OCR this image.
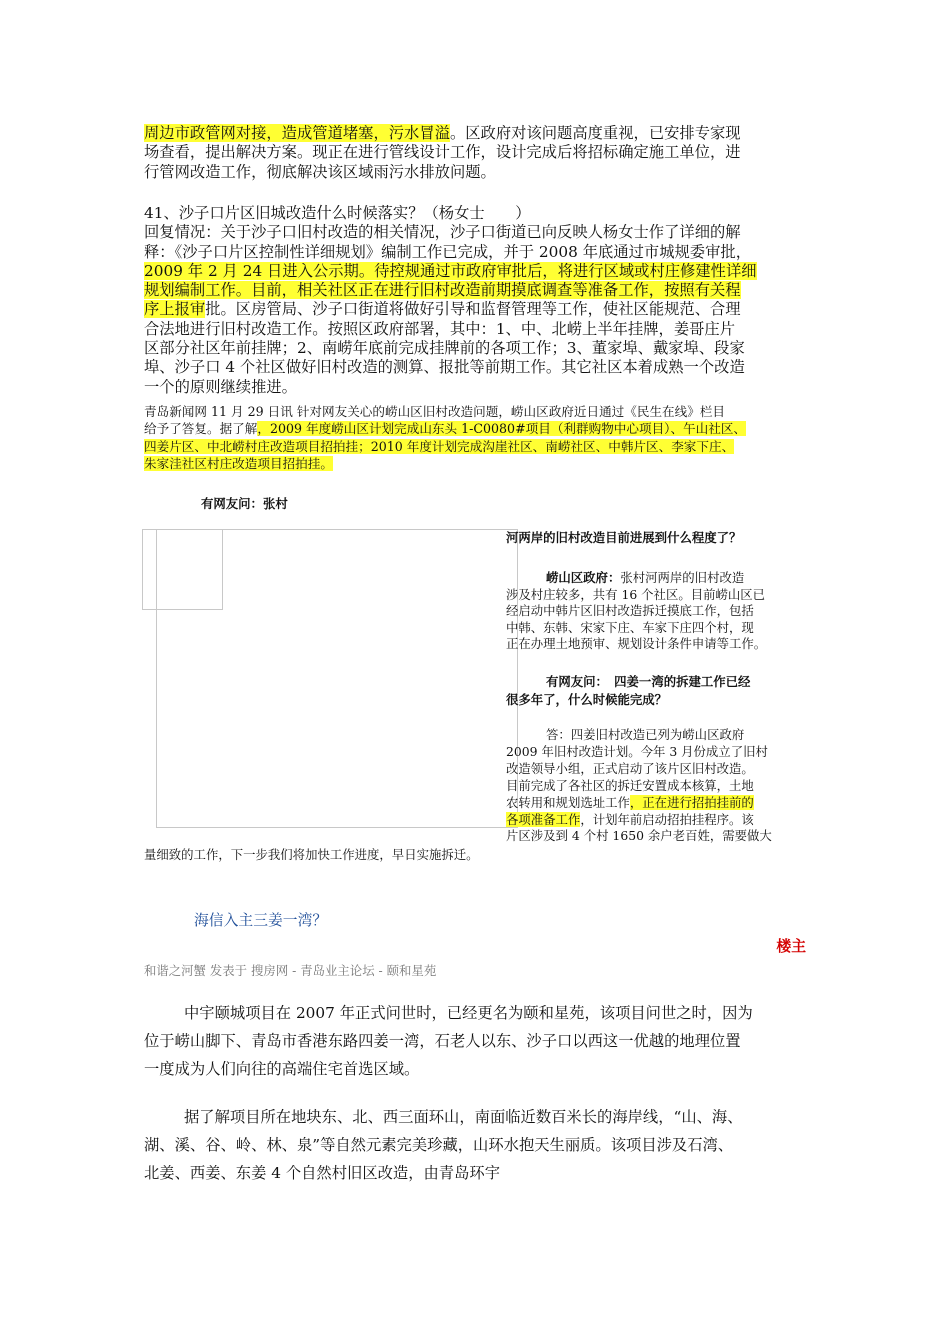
周边市政管网对接，造成管道堵塞，污水冒溢。区政府对该问题高度重视，已安排专家现
场查看，提出解决方案。现正在进行管线设计工作，设计完成后将招标确定施工单位，进
行管网改造工作，彻底解决该区域雨污水排放问题。
41、沙子口片区旧城改造什么时候落实？（杨女士　　）
回复情况：关于沙子口旧村改造的相关情况，沙子口街道已向反映人杨女士作了详细的解
释：《沙子口片区控制性详细规划》编制工作已完成，并于 2008 年底通过市城规委审批，
2009 年 2 月 24 日进入公示期。待控规通过市政府审批后，将进行区域或村庄修建性详细
规划编制工作。目前，相关社区正在进行旧村改造前期摸底调查等准备工作，按照有关程
序上报审批。区房管局、沙子口街道将做好引导和监督管理等工作，使社区能规范、合理
合法地进行旧村改造工作。按照区政府部署，其中：1、中、北崂上半年挂牌，姜哥庄片
区部分社区年前挂牌；2、南崂年底前完成挂牌前的各项工作；3、董家埠、戴家埠、段家
埠、沙子口 4 个社区做好旧村改造的测算、报批等前期工作。其它社区本着成熟一个改造
一个的原则继续推进。
青岛新闻网 11 月 29 日讯 针对网友关心的崂山区旧村改造问题，崂山区政府近日通过《民生在线》栏目
给予了答复。据了解，2009 年度崂山区计划完成山东头 1-C0080#项目（利群购物中心项目）、午山社区、
四姜片区、中北崂村庄改造项目招拍挂；2010 年度计划完成沟崖社区、南崂社区、中韩片区、李家下庄、
朱家洼社区村庄改造项目招拍挂。
有网友问：张村
河两岸的旧村改造目前进展到什么程度了？
崂山区政府：张村河两岸的旧村改造
涉及村庄较多，共有 16 个社区。目前崂山区已
经启动中韩片区旧村改造拆迁摸底工作，包括
中韩、东韩、宋家下庄、车家下庄四个村，现
正在办理土地预审、规划设计条件申请等工作。
有网友问：　四姜一湾的拆建工作已经
很多年了，什么时候能完成？
答：四姜旧村改造已列为崂山区政府
2009 年旧村改造计划。今年 3 月份成立了旧村
改造领导小组，正式启动了该片区旧村改造。
目前完成了各社区的拆迁安置成本核算，土地
农转用和规划选址工作，正在进行招拍挂前的
各项准备工作，计划年前启动招拍挂程序。该
片区涉及到 4 个村 1650 余户老百姓，需要做大
量细致的工作，下一步我们将加快工作进度，早日实施拆迁。
海信入主三姜一湾？
楼主
和谐之河蟹 发表于 搜房网 - 青岛业主论坛 - 颐和星苑
中宇颐城项目在 2007 年正式问世时，已经更名为颐和星苑，该项目问世之时，因为
位于崂山脚下、青岛市香港东路四姜一湾，石老人以东、沙子口以西这一优越的地理位置
一度成为人们向往的高端住宅首选区域。
据了解项目所在地块东、北、西三面环山，南面临近数百米长的海岸线，“山、海、
湖、溪、谷、岭、林、泉”等自然元素完美珍藏，山环水抱天生丽质。该项目涉及石湾、
北姜、西姜、东姜 4 个自然村旧区改造，由青岛环宇
